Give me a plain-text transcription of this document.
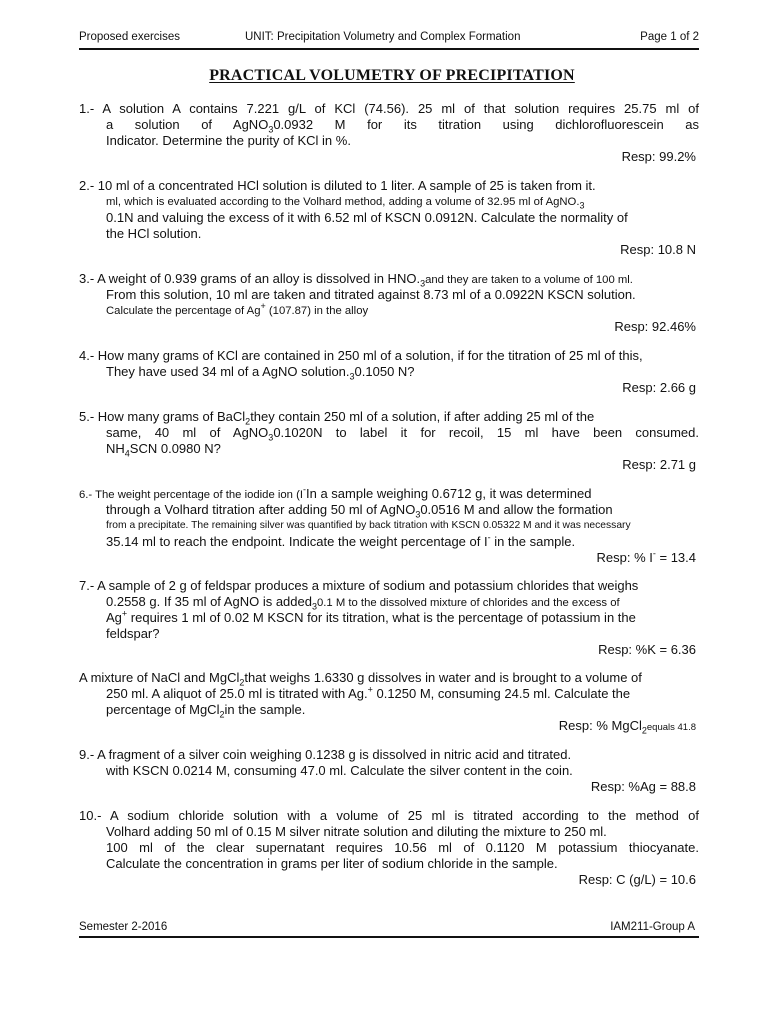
Proposed exercises	UNIT: Precipitation Volumetry and Complex Formation	Page 1 of 2
PRACTICAL VOLUMETRY OF PRECIPITATION
1.- A solution A contains 7.221 g/L of KCl (74.56). 25 ml of that solution requires 25.75 ml of
a solution of AgNO$_3$0.0932 M for its titration using dichlorofluorescein as
Indicator. Determine the purity of KCl in %.
Resp: 99.2%
2.- 10 ml of a concentrated HCl solution is diluted to 1 liter. A sample of 25 is taken from it.
ml, which is evaluated according to the Volhard method, adding a volume of 32.95 ml of $AgNO._3$
0.1N and valuing the excess of it with 6.52 ml of KSCN 0.0912N. Calculate the normality of
the HCl solution.
Resp: 10.8 N
3.- A weight of 0.939 grams of an alloy is dissolved in $HNO._3and$ they are taken to a volume of 100 ml.
From this solution, 10 ml are taken and titrated against 8.73 ml of a 0.0922N KSCN solution.
Calculate the percentage of Ag+ (107.87) in the alloy
Resp: 92.46%
4.- How many grams of KCl are contained in 250 ml of a solution, if for the titration of 25 ml of this,
They have used 34 ml of a AgNO $solution._30.1050$ N?
Resp: 2.66 g
5.- How many grams of BaCl$_2$they contain 250 ml of a solution, if after adding 25 ml of the
same, 40 ml of AgNO$_3$0.1020N to label it for recoil, 15 ml have been consumed.
$NH_4SCN$ 0.0980 N?
Resp: 2.71 g
6.- The weight percentage of the iodide ion (I-In a sample weighing 0.6712 g, it was determined
through a Volhard titration after adding 50 ml of AgNO$_3$0.0516 M and allow the formation
from a precipitate. The remaining silver was quantified by back titration with KSCN 0.05322 M and it was necessary
35.14 ml to reach the endpoint. Indicate the weight percentage of I- in the sample.
Resp: % I- = 13.4
7.- A sample of 2 g of feldspar produces a mixture of sodium and potassium chlorides that weighs
0.2558 g. If 35 ml of AgNO is added$_3$0.1 M to the dissolved mixture of chlorides and the excess of
Ag+ requires 1 ml of 0.02 M KSCN for its titration, what is the percentage of potassium in the
feldspar?
Resp: %K = 6.36
A mixture of NaCl and MgCl$_2$that weighs 1.6330 g dissolves in water and is brought to a volume of
250 ml. A aliquot of 25.0 ml is titrated with Ag.+ 0.1250 M, consuming 24.5 ml. Calculate the
percentage of MgCl$_2$in the sample.
Resp: % MgCl$_2$equals 41.8
9.- A fragment of a silver coin weighing 0.1238 g is dissolved in nitric acid and titrated.
with KSCN 0.0214 M, consuming 47.0 ml. Calculate the silver content in the coin.
Resp: %Ag = 88.8
10.- A sodium chloride solution with a volume of 25 ml is titrated according to the method of
Volhard adding 50 ml of 0.15 M silver nitrate solution and diluting the mixture to 250 ml.
100 ml of the clear supernatant requires 10.56 ml of 0.1120 M potassium thiocyanate.
Calculate the concentration in grams per liter of sodium chloride in the sample.
Resp: C (g/L) = 10.6
Semester 2-2016	IAM211-Group A
